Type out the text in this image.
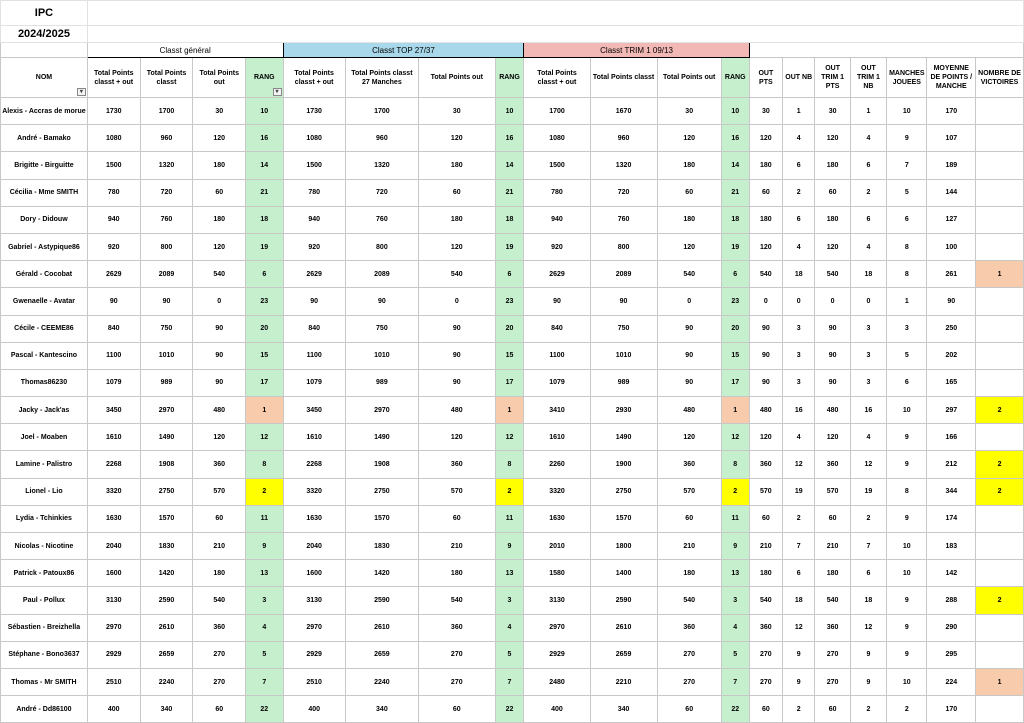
IPC																			
2024/2025																			
	Classt général				Classt TOP 27/37				Classt TRIM 1 09/13										
NOM
▾	Total Points classt + out	Total Points classt	Total Points out	RANG
▾	Total Points classt + out	Total Points classt 27 Manches	Total Points out	RANG	Total Points classt + out	Total Points classt	Total Points out	RANG	OUT PTS	OUT NB	OUT TRIM 1 PTS	OUT TRIM 1 NB	MANCHES JOUEES	MOYENNE DE POINTS / MANCHE	NOMBRE DE VICTOIRES
Alexis - Accras de morue	1730	1700	30	10	1730	1700	30	10	1700	1670	30	10	30	1	30	1	10	170	
André - Bamako	1080	960	120	16	1080	960	120	16	1080	960	120	16	120	4	120	4	9	107	
Brigitte - Birguitte	1500	1320	180	14	1500	1320	180	14	1500	1320	180	14	180	6	180	6	7	189	
Cécilia - Mme SMITH	780	720	60	21	780	720	60	21	780	720	60	21	60	2	60	2	5	144	
Dory - Didouw	940	760	180	18	940	760	180	18	940	760	180	18	180	6	180	6	6	127	
Gabriel - Astypique86	920	800	120	19	920	800	120	19	920	800	120	19	120	4	120	4	8	100	
Gérald - Cocobat	2629	2089	540	6	2629	2089	540	6	2629	2089	540	6	540	18	540	18	8	261	1
Gwenaelle - Avatar	90	90	0	23	90	90	0	23	90	90	0	23	0	0	0	0	1	90	
Cécile - CEEME86	840	750	90	20	840	750	90	20	840	750	90	20	90	3	90	3	3	250	
Pascal - Kantescino	1100	1010	90	15	1100	1010	90	15	1100	1010	90	15	90	3	90	3	5	202	
Thomas86230	1079	989	90	17	1079	989	90	17	1079	989	90	17	90	3	90	3	6	165	
Jacky - Jack'as	3450	2970	480	1	3450	2970	480	1	3410	2930	480	1	480	16	480	16	10	297	2
Joel - Moaben	1610	1490	120	12	1610	1490	120	12	1610	1490	120	12	120	4	120	4	9	166	
Lamine - Palistro	2268	1908	360	8	2268	1908	360	8	2260	1900	360	8	360	12	360	12	9	212	2
Lionel - Lio	3320	2750	570	2	3320	2750	570	2	3320	2750	570	2	570	19	570	19	8	344	2
Lydia - Tchinkies	1630	1570	60	11	1630	1570	60	11	1630	1570	60	11	60	2	60	2	9	174	
Nicolas - Nicotine	2040	1830	210	9	2040	1830	210	9	2010	1800	210	9	210	7	210	7	10	183	
Patrick - Patoux86	1600	1420	180	13	1600	1420	180	13	1580	1400	180	13	180	6	180	6	10	142	
Paul - Pollux	3130	2590	540	3	3130	2590	540	3	3130	2590	540	3	540	18	540	18	9	288	2
Sébastien - Breizhella	2970	2610	360	4	2970	2610	360	4	2970	2610	360	4	360	12	360	12	9	290	
Stéphane - Bono3637	2929	2659	270	5	2929	2659	270	5	2929	2659	270	5	270	9	270	9	9	295	
Thomas - Mr SMITH	2510	2240	270	7	2510	2240	270	7	2480	2210	270	7	270	9	270	9	10	224	1
André - Dd86100	400	340	60	22	400	340	60	22	400	340	60	22	60	2	60	2	2	170	
